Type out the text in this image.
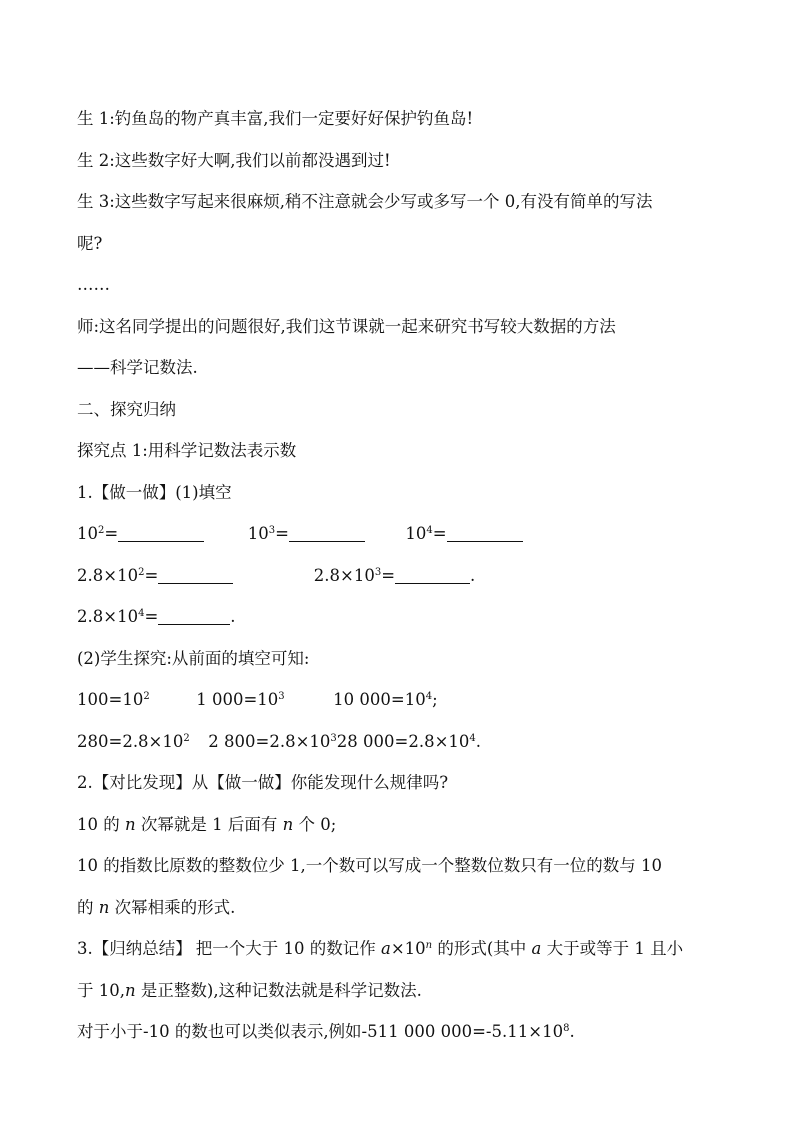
生 1:钓鱼岛的物产真丰富,我们一定要好好保护钓鱼岛!
生 2:这些数字好大啊,我们以前都没遇到过!
生 3:这些数字写起来很麻烦,稍不注意就会少写或多写一个 0,有没有简单的写法
呢?
……
师:这名同学提出的问题很好,我们这节课就一起来研究书写较大数据的方法
——科学记数法.
二、探究归纳
探究点 1:用科学记数法表示数
1.【做一做】(1)填空
$10^2=$	$10^3=$	$10^4=$
$2.8\times 10^2=$	$2.8\times 10^3=$	.
$2.8\times 10^4=$	.
(2)学生探究:从前面的填空可知:
$100=10^2$	1 $000=10^3$	10 $000=10^4$;
$280=2.8\times 10^2$ 2 $800=2.8\times 10^328$ $000=2.8\times 10^4$.
2.【对比发现】从【做一做】你能发现什么规律吗?
10 的 n 次幂就是 1 后面有 n 个 0;
10 的指数比原数的整数位少 1,一个数可以写成一个整数位数只有一位的数与 10
的 n 次幂相乘的形式.
3.【归纳总结】 把一个大于 10 的数记作 $a\times 10^n$ 的形式(其中 a 大于或等于 1 且小
于 10,n 是正整数),这种记数法就是科学记数法.
对于小于-10 的数也可以类似表示,例如-511 000 $000=-5.11\times 10^8$.
